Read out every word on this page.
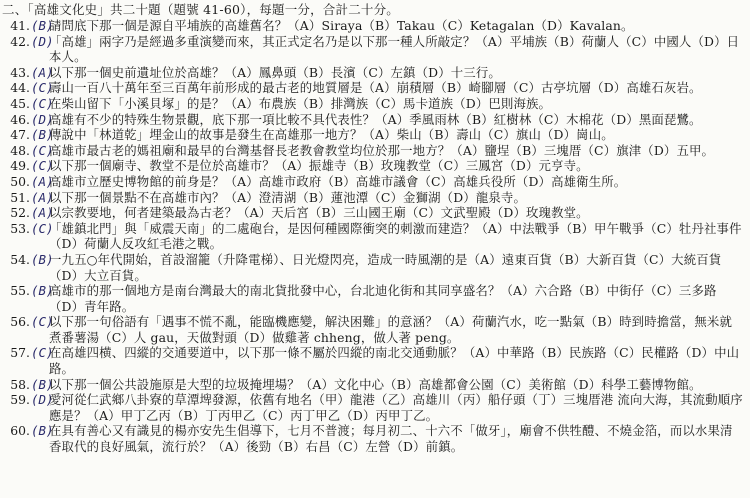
二、「高雄文化史」共二十題（題號 41-60），每題一分，合計二十分。
41. (B)
請問底下那一個是源自平埔族的高雄舊名？（A）Siraya（B）Takau（C）Ketagalan（D）Kavalan。
42. (D)
「高雄」兩字乃是經過多重演變而來，其正式定名乃是以下那一種人所敲定？（A）平埔族（B）荷蘭人（C）中國人（D）日本人。
43. (A)
以下那一個史前遺址位於高雄？（A）鳳鼻頭（B）長濱（C）左鎮（D）十三行。
44. (C)
壽山一百八十萬年至三百萬年前形成的最古老的地質層是（A）崩積層（B）崎腳層（C）古亭坑層（D）高雄石灰岩。
45. (C)
在柴山留下「小溪貝塚」的是？（A）布農族（B）排灣族（C）馬卡道族（D）巴則海族。
46. (D)
高雄有不少的特殊生物景觀，底下那一項比較不具代表性？（A）季風雨林（B）紅樹林（C）木棉花（D）黑面琵鷺。
47. (B)
傳說中「林道乾」埋金山的故事是發生在高雄那一地方？（A）柴山（B）壽山（C）旗山（D）崗山。
48. (C)
高雄市最古老的媽祖廟和最早的台灣基督長老教會教堂均位於那一地方？（A）鹽埕（B）三塊厝（C）旗津（D）五甲。
49. (C)
以下那一個廟寺、教堂不是位於高雄市？（A）振雄寺（B）玫瑰教堂（C）三鳳宮（D）元亨寺。
50. (A)
高雄市立歷史博物館的前身是？（A）高雄市政府（B）高雄市議會（C）高雄兵役所（D）高雄衛生所。
51. (A)
以下那一個景點不在高雄市內？（A）澄清湖（B）蓮池潭（C）金獅湖（D）龍泉寺。
52. (A)
以宗教要地，何者建築最為古老？（A）天后宮（B）三山國王廟（C）文武聖殿（D）玫瑰教堂。
53. (C)
「雄鎮北門」與「威震天南」的二處砲台，是因何種國際衝突的刺激而建造？（A）中法戰爭（B）甲午戰爭（C）牡丹社事件（D）荷蘭人反攻紅毛港之戰。
54. (B)
一九五○年代開始，首設溜籠（升降電梯）、日光燈閃亮，造成一時風潮的是（A）遠東百貨（B）大新百貨（C）大統百貨（D）大立百貨。
55. (B)
高雄市的那一個地方是南台灣最大的南北貨批發中心，台北迪化街和其同享盛名？（A）六合路（B）中街仔（C）三多路（D）青年路。
56. (C)
以下那一句俗語有「遇事不慌不亂，能臨機應變，解決困難」的意涵？（A）荷蘭汽水，吃一點氣（B）時到時擔當，無米就煮番薯湯（C）人 gau，天做對頭（D）做雞著 chheng，做人著 peng。
57. (C)
在高雄四横、四縱的交通要道中，以下那一條不屬於四縱的南北交通動脈？（A）中華路（B）民族路（C）民權路（D）中山路。
58. (B)
以下那一個公共設施原是大型的垃圾掩埋場？（A）文化中心（B）高雄都會公園（C）美術館（D）科學工藝博物館。
59. (D)
愛河從仁武鄉八卦寮的草潭埤發源，依舊有地名（甲）龍港（乙）高雄川（丙）船仔頭（丁）三塊厝港 流向大海，其流動順序應是？（A）甲丁乙丙（B）丁丙甲乙（C）丙丁甲乙（D）丙甲丁乙。
60. (B)
在具有善心又有識見的楊亦安先生倡導下，七月不普渡；每月初二、十六不「做牙」，廟會不供牲醴、不燒金箔，而以水果清香取代的良好風氣，流行於？（A）後勁（B）右昌（C）左營（D）前鎮。
